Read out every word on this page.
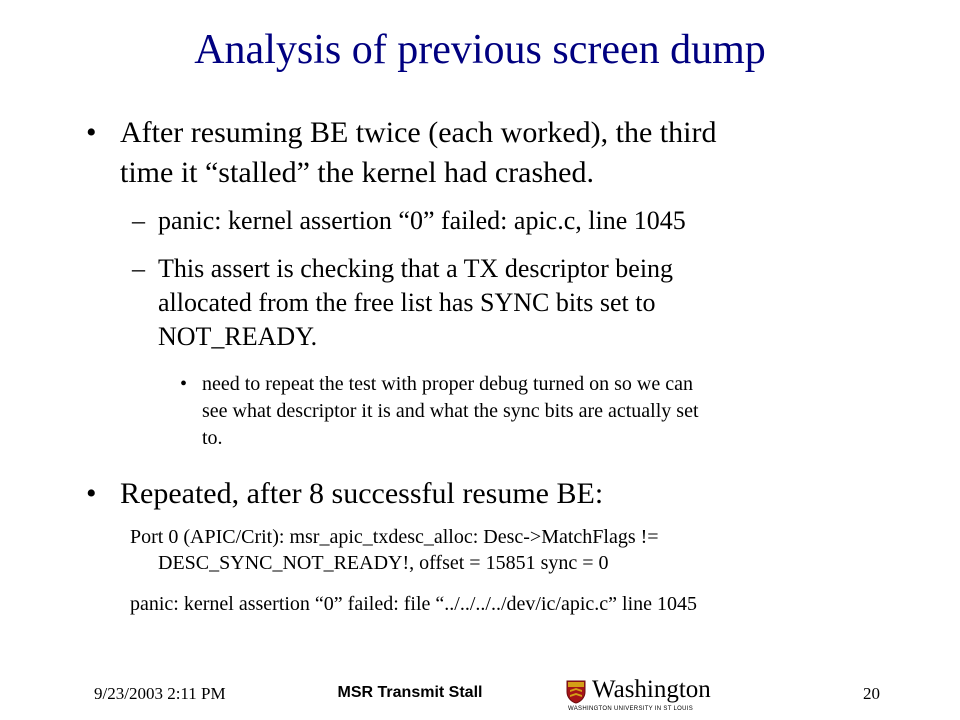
Analysis of previous screen dump
• After resuming BE twice (each worked), the third
time it “stalled” the kernel had crashed.
– panic: kernel assertion “0” failed: apic.c, line 1045
– This assert is checking that a TX descriptor being
allocated from the free list has SYNC bits set to
NOT_READY.
• need to repeat the test with proper debug turned on so we can
see what descriptor it is and what the sync bits are actually set
to.
• Repeated, after 8 successful resume BE:
Port 0 (APIC/Crit): msr_apic_txdesc_alloc: Desc->MatchFlags !=
DESC_SYNC_NOT_READY!, offset = 15851 sync = 0
panic: kernel assertion “0” failed: file “../../../../dev/ic/apic.c” line 1045
9/23/2003 2:11 PM	MSR Transmit Stall	Washington
WASHINGTON UNIVERSITY IN ST LOUIS
20
